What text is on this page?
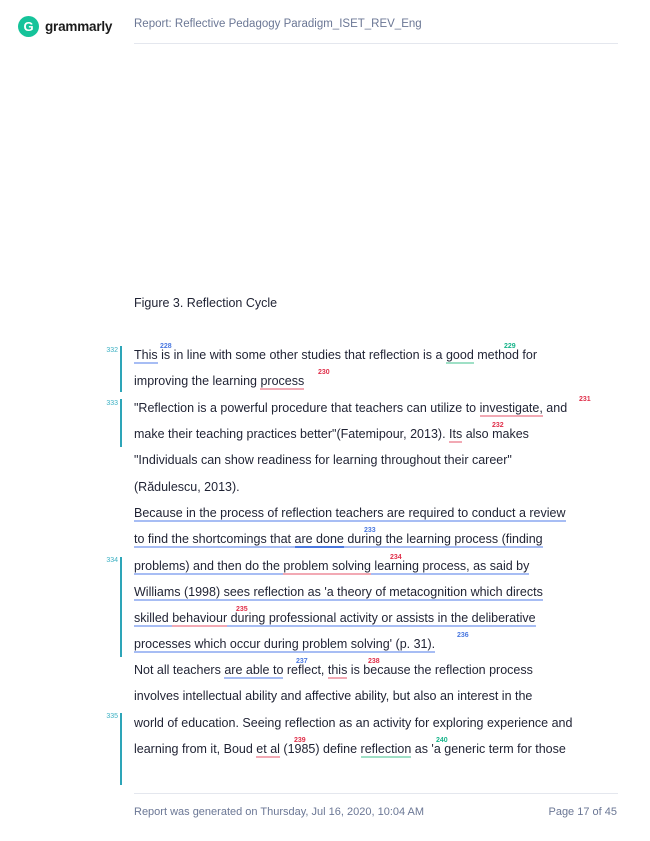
G grammarly Report: Reflective Pedagogy Paradigm_ISET_REV_Eng
Figure 3. Reflection Cycle
332
333
334
335
This is in line with some other studies that reflection is a good method for
228	229
improving the learning process
230
"Reflection is a powerful procedure that teachers can utilize to investigate, and
231
make their teaching practices better"(Fatemipour, 2013). Its also makes
232
"Individuals can show readiness for learning throughout their career"
(Rădulescu, 2013).
Because in the process of reflection teachers are required to conduct a review
to find the shortcomings that are done during the learning process (finding
233
problems) and then do the problem solving learning process, as said by
234
Williams (1998) sees reflection as 'a theory of metacognition which directs
skilled behaviour during professional activity or assists in the deliberative
235
processes which occur during problem solving' (p. 31).
236
Not all teachers are able to reflect, this is because the reflection process
237	238
involves intellectual ability and affective ability, but also an interest in the
world of education. Seeing reflection as an activity for exploring experience and
learning from it, Boud et al (1985) define reflection as 'a generic term for those
239	240
Report was generated on Thursday, Jul 16, 2020, 10:04 AM	Page 17 of 45
